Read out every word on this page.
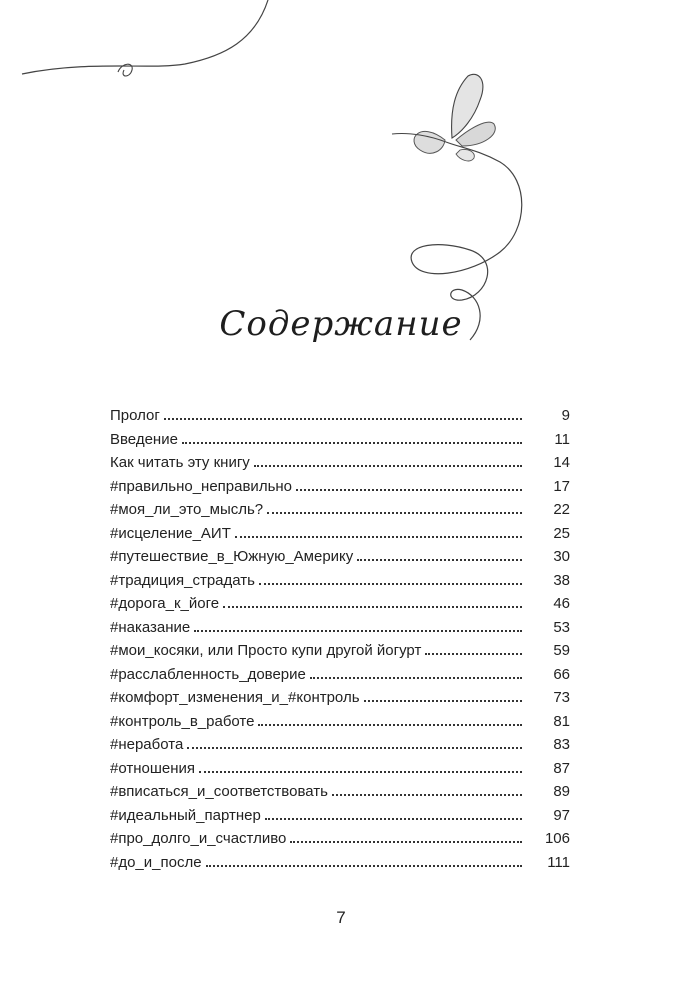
Содержание
Пролог	9
Введение	11
Как читать эту книгу	14
#правильно_неправильно	17
#моя_ли_это_мысль?	22
#исцеление_АИТ	25
#путешествие_в_Южную_Америку	30
#традиция_страдать	38
#дорога_к_йоге	46
#наказание	53
#мои_косяки, или Просто купи другой йогурт	59
#расслабленность_доверие	66
#комфорт_изменения_и_#контроль	73
#контроль_в_работе	81
#неработа	83
#отношения	87
#вписаться_и_соответствовать	89
#идеальный_партнер	97
#про_долго_и_счастливо	106
#до_и_после	111
7
